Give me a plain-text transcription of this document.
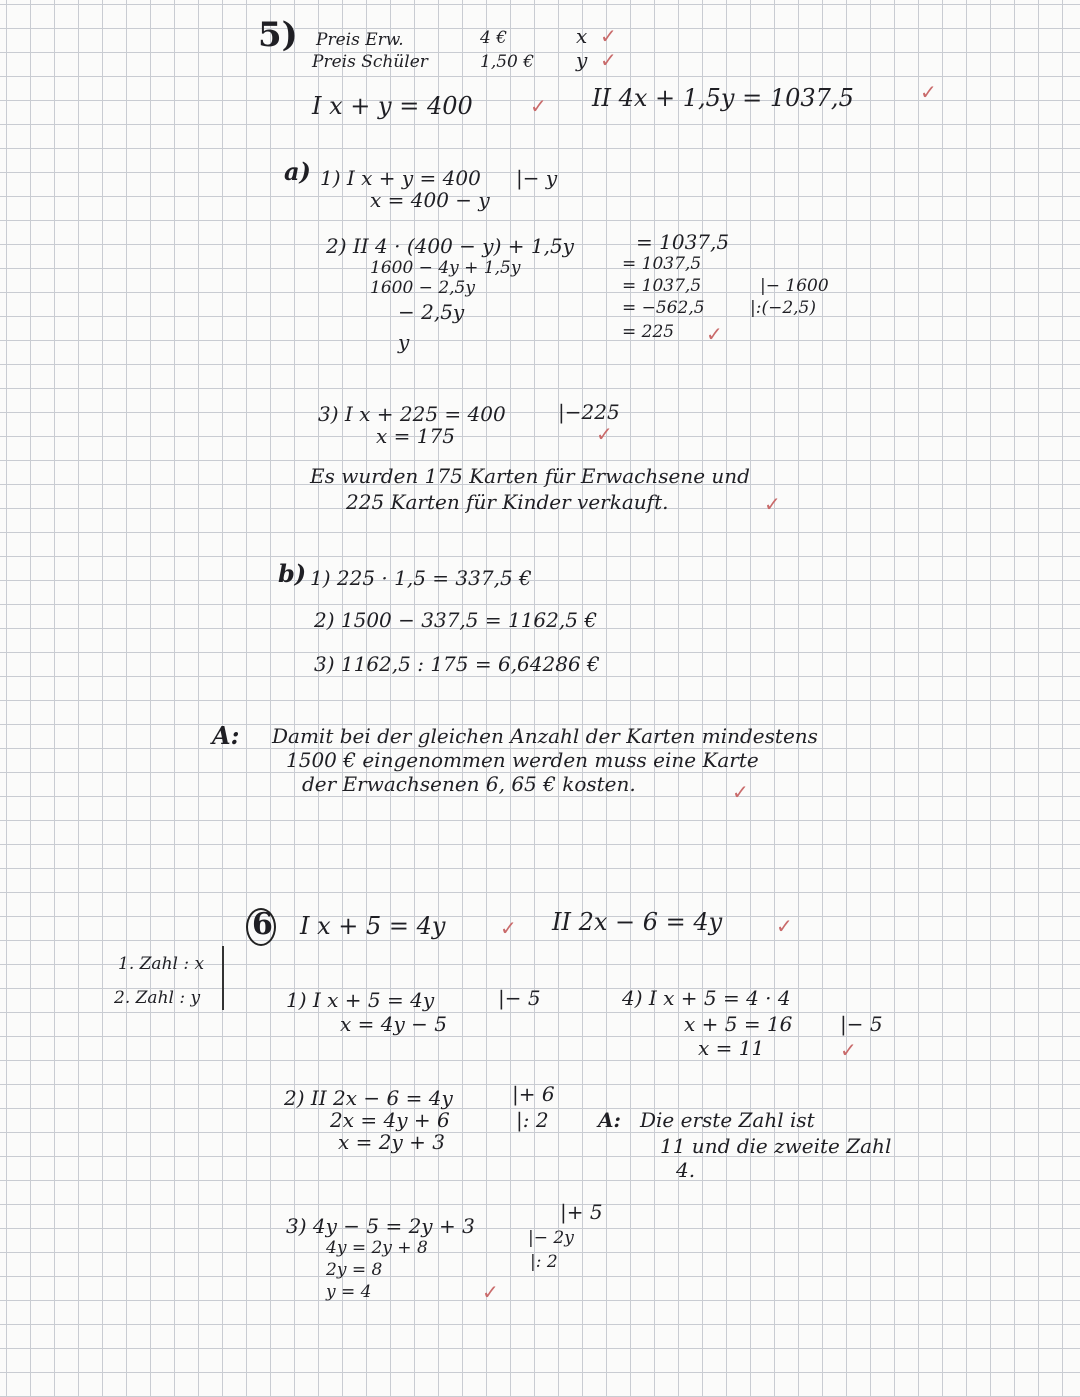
5) Preis Erw.	4 €	x ✓
Preis Schüler	1,50 € y ✓
I x + y = 400	✓ II 4x + 1,5y = 1037,5	✓
a) 1) I x + y = 400 |− y
x = 400 − y
2) II 4 · (400 − y) + 1,5y
1600 − 4y + 1,5y
1600 − 2,5y
− 2,5y
y
= 1037,5
= 1037,5
= 1037,5	|− 1600
= −562,5	|:(−2,5)
= 225 ✓
3) I x + 225 = 400	|−225
x = 175	✓
Es wurden 175 Karten für Erwachsene und
225 Karten für Kinder verkauft.	✓
b) 1) 225 · 1,5 = 337,5 €
2) 1500 − 337,5 = 1162,5 €
3) 1162,5 : 175 = 6,64286 €
A: Damit bei der gleichen Anzahl der Karten mindestens
1500 € eingenommen werden muss eine Karte
der Erwachsenen 6, 65 € kosten.	✓
6 I x + 5 = 4y	✓ II 2x − 6 = 4y	✓
1. Zahl : x
2. Zahl : y	1) I x + 5 = 4y	|− 5
x = 4y − 5
2) II 2x − 6 = 4y	|+ 6
2x = 4y + 6	|: 2
x = 2y + 3
3) 4y − 5 = 2y + 3
|+ 5
4y = 2y + 8	|− 2y
2y = 8	|: 2
y = 4	✓
4) I x + 5 = 4 · 4
x + 5 = 16 |− 5
x = 11	✓
A: Die erste Zahl ist
11 und die zweite Zahl
4.
